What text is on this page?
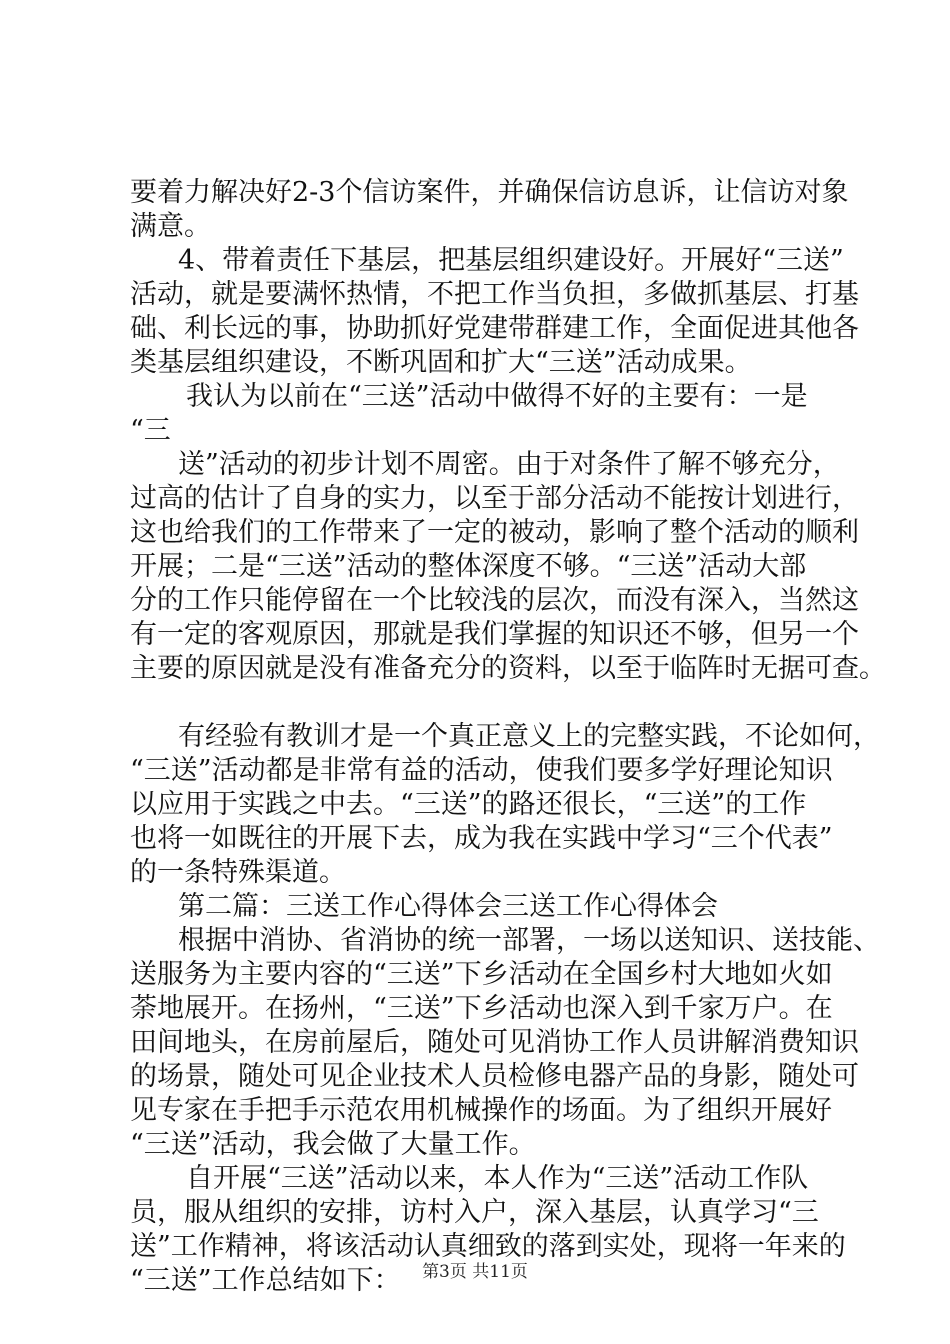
要着力解决好2-3个信访案件，并确保信访息诉，让信访对象

满意。

4、带着责任下基层，把基层组织建设好。开展好“三送”

活动，就是要满怀热情，不把工作当负担，多做抓基层、打基

础、利长远的事，协助抓好党建带群建工作，全面促进其他各

类基层组织建设，不断巩固和扩大“三送”活动成果。

我认为以前在“三送”活动中做得不好的主要有：一是

“三

送”活动的初步计划不周密。由于对条件了解不够充分，

过高的估计了自身的实力，以至于部分活动不能按计划进行，

这也给我们的工作带来了一定的被动，影响了整个活动的顺利

开展；二是“三送”活动的整体深度不够。“三送”活动大部

分的工作只能停留在一个比较浅的层次，而没有深入，当然这

有一定的客观原因，那就是我们掌握的知识还不够，但另一个

主要的原因就是没有准备充分的资料，以至于临阵时无据可查。

有经验有教训才是一个真正意义上的完整实践，不论如何，

“三送”活动都是非常有益的活动，使我们要多学好理论知识

以应用于实践之中去。“三送”的路还很长，“三送”的工作

也将一如既往的开展下去，成为我在实践中学习“三个代表”

的一条特殊渠道。

第二篇：三送工作心得体会三送工作心得体会

根据中消协、省消协的统一部署，一场以送知识、送技能、

送服务为主要内容的“三送”下乡活动在全国乡村大地如火如

荼地展开。在扬州，“三送”下乡活动也深入到千家万户。在

田间地头，在房前屋后，随处可见消协工作人员讲解消费知识

的场景，随处可见企业技术人员检修电器产品的身影，随处可

见专家在手把手示范农用机械操作的场面。为了组织开展好

“三送”活动，我会做了大量工作。

自开展“三送”活动以来，本人作为“三送”活动工作队

员，服从组织的安排，访村入户，深入基层，认真学习“三

送”工作精神，将该活动认真细致的落到实处，现将一年来的

“三送”工作总结如下：	第3页 共11页
